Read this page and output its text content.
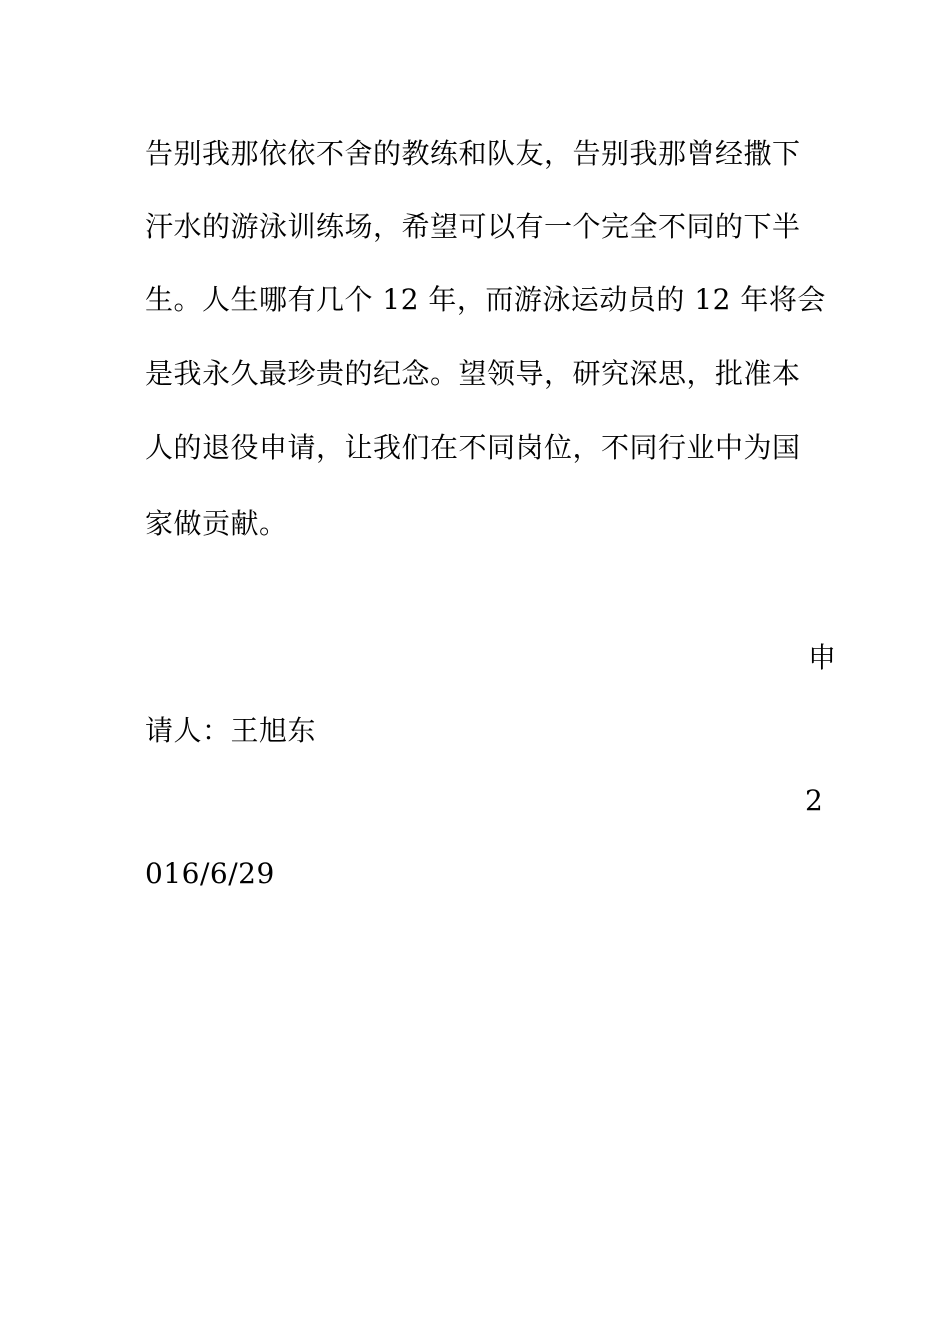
告别我那依依不舍的教练和队友，告别我那曾经撒下
汗水的游泳训练场，希望可以有一个完全不同的下半
生。人生哪有几个 12 年，而游泳运动员的 12 年将会
是我永久最珍贵的纪念。望领导，研究深思，批准本
人的退役申请，让我们在不同岗位，不同行业中为国
家做贡献。
申
请人：王旭东
2
016/6/29
